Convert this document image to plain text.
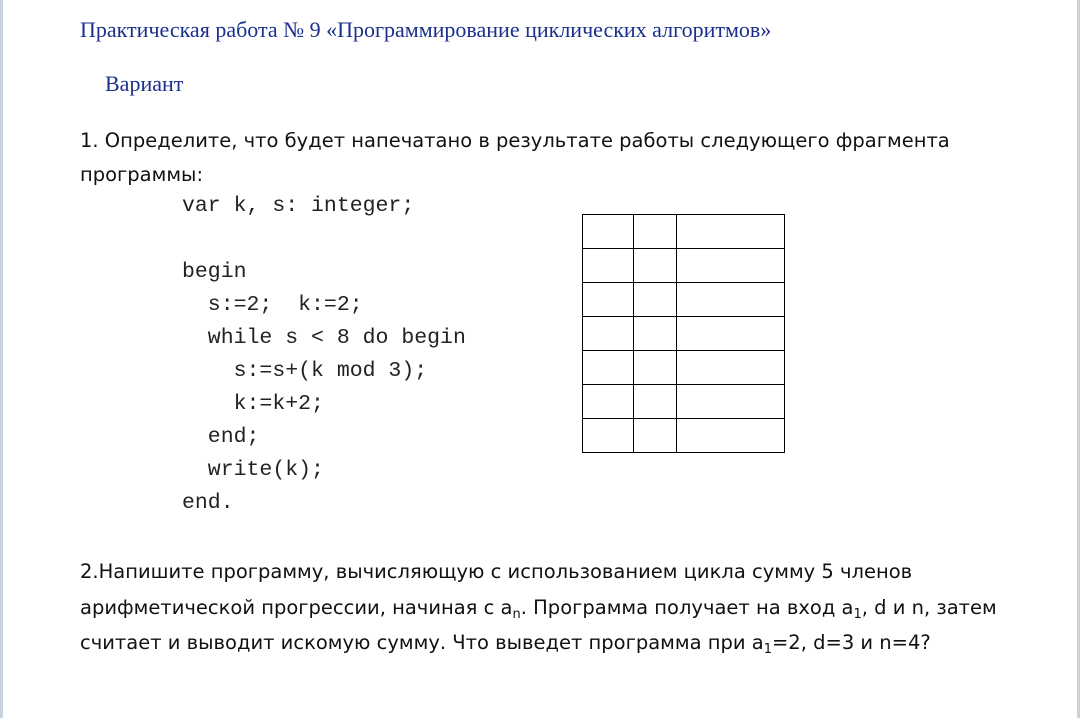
Практическая работа № 9 «Программирование циклических алгоритмов»
Вариант
1. Определите, что будет напечатано в результате работы следующего фрагмента программы:
var k, s: integer;
begin
s:=2;  k:=2;
while s < 8 do begin
s:=s+(k mod 3);
k:=k+2;
end;
write(k);
end.

2.Напишите программу, вычисляющую с использованием цикла сумму 5 членов арифметической прогрессии, начиная с $a_n$. Программа получает на вход $a_1$, d и n, затем считает и выводит искомую сумму. Что выведет программа при $a_1=2$, d=3 и n=4?
